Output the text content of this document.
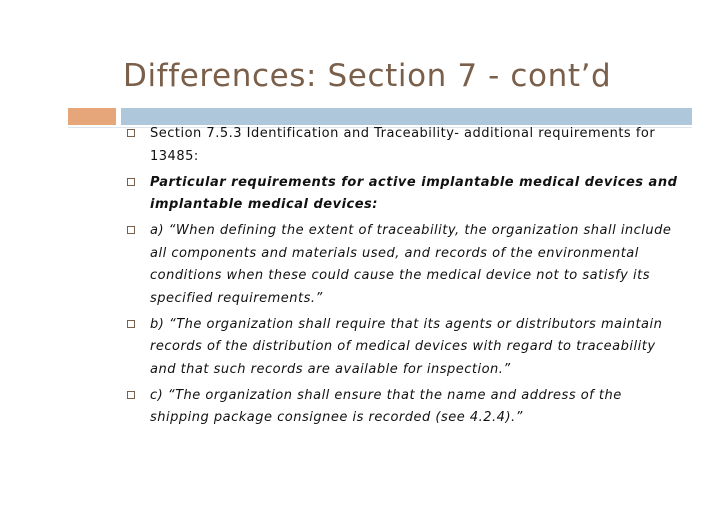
Differences: Section 7 - cont’d
Section 7.5.3 Identification and Traceability- additional requirements for 13485:
Particular requirements for active implantable medical devices and implantable medical devices:
a) “When defining the extent of traceability, the organization shall include all components and materials used, and records of the environmental conditions when these could cause the medical device not to satisfy its specified requirements.”
b) “The organization shall require that its agents or distributors maintain records of the distribution of medical devices with regard to traceability and that such records are available for inspection.”
c) “The organization shall ensure that the name and address of the shipping package consignee is recorded (see 4.2.4).”
